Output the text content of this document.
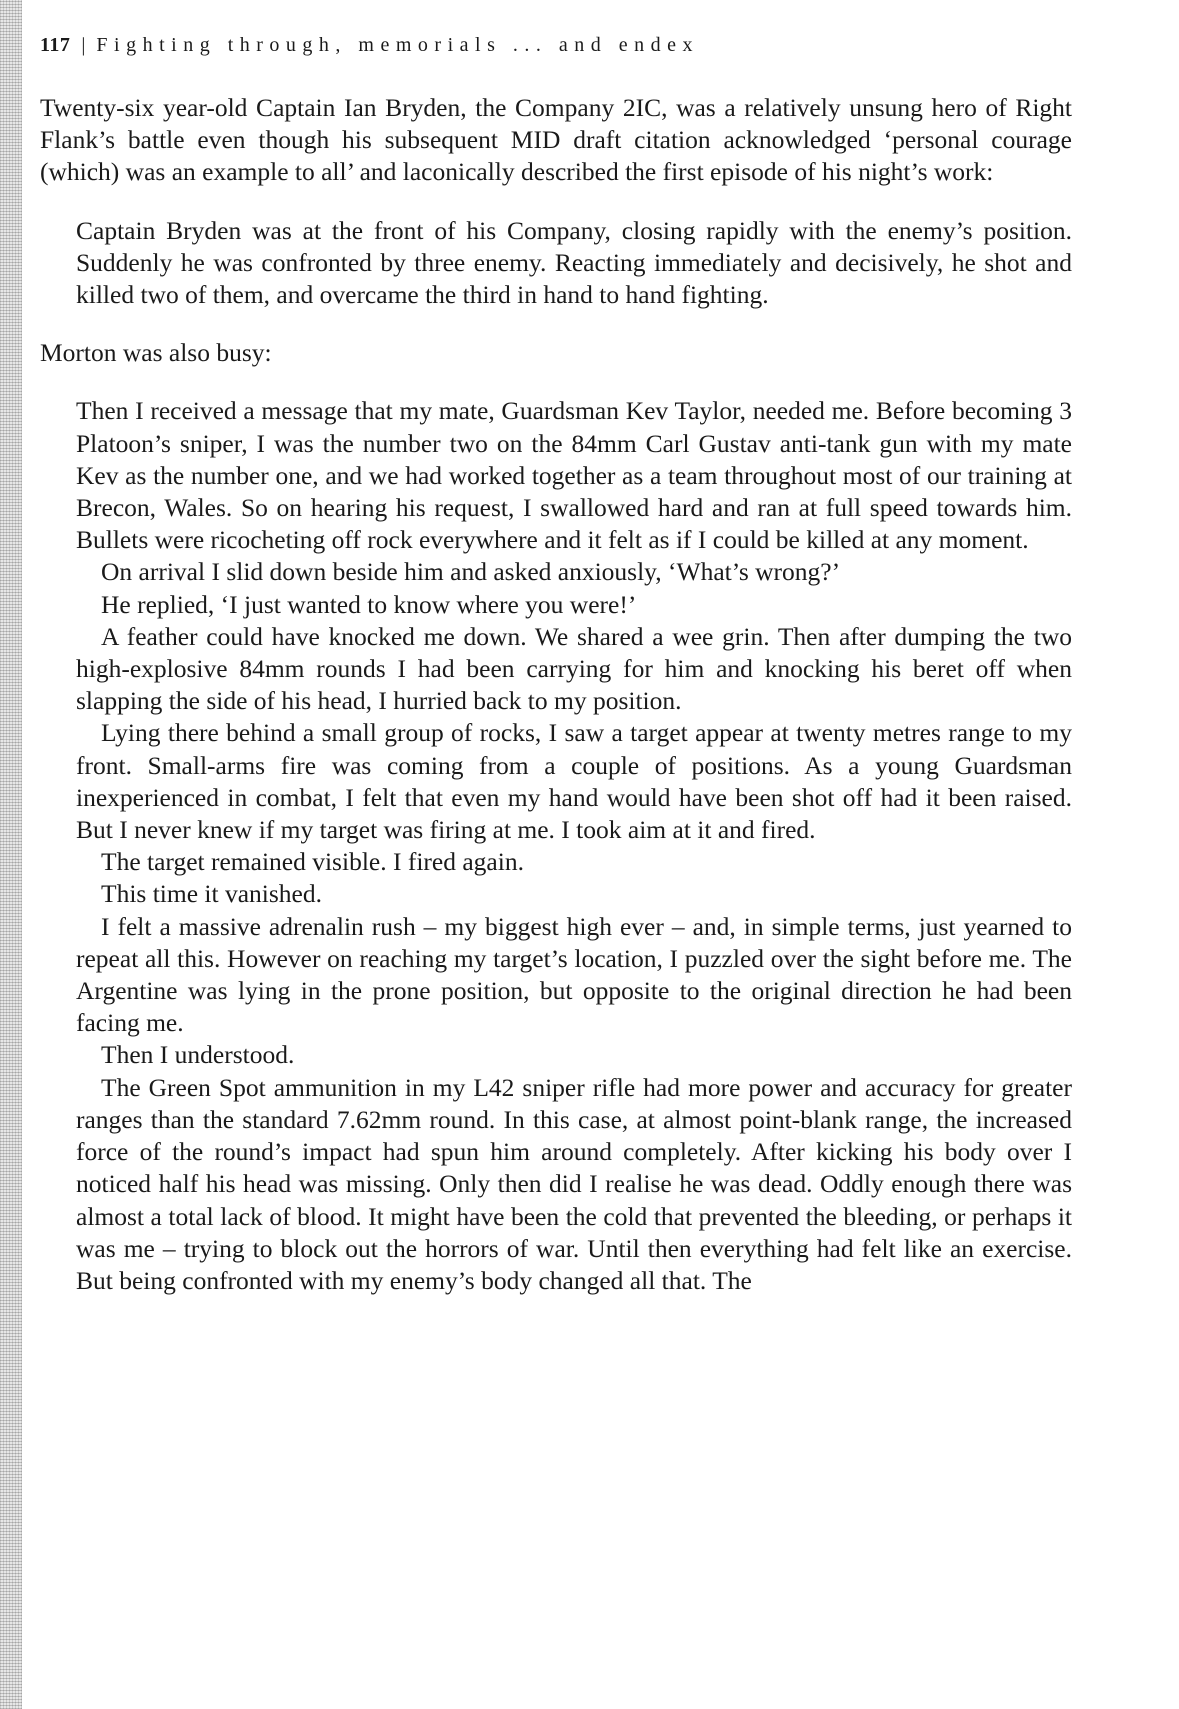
117 | Fighting through, memorials ... and endex

Twenty-six year-old Captain Ian Bryden, the Company 2IC, was a relatively unsung hero of Right Flank’s battle even though his subsequent MID draft citation acknowledged ‘personal courage (which) was an example to all’ and laconically described the first episode of his night’s work:

Captain Bryden was at the front of his Company, closing rapidly with the enemy’s position. Suddenly he was confronted by three enemy. Reacting immediately and decisively, he shot and killed two of them, and overcame the third in hand to hand fighting.

Morton was also busy:

Then I received a message that my mate, Guardsman Kev Taylor, needed me. Before becoming 3 Platoon’s sniper, I was the number two on the 84mm Carl Gustav anti-tank gun with my mate Kev as the number one, and we had worked together as a team throughout most of our training at Brecon, Wales. So on hearing his request, I swallowed hard and ran at full speed towards him. Bullets were ricocheting off rock everywhere and it felt as if I could be killed at any moment.

On arrival I slid down beside him and asked anxiously, ‘What’s wrong?’

He replied, ‘I just wanted to know where you were!’

A feather could have knocked me down. We shared a wee grin. Then after dumping the two high-explosive 84mm rounds I had been carrying for him and knocking his beret off when slapping the side of his head, I hurried back to my position.

Lying there behind a small group of rocks, I saw a target appear at twenty metres range to my front. Small-arms fire was coming from a couple of positions. As a young Guardsman inexperienced in combat, I felt that even my hand would have been shot off had it been raised. But I never knew if my target was firing at me. I took aim at it and fired.

The target remained visible. I fired again.

This time it vanished.

I felt a massive adrenalin rush – my biggest high ever – and, in simple terms, just yearned to repeat all this. However on reaching my target’s location, I puzzled over the sight before me. The Argentine was lying in the prone position, but opposite to the original direction he had been facing me.

Then I understood.

The Green Spot ammunition in my L42 sniper rifle had more power and accuracy for greater ranges than the standard 7.62mm round. In this case, at almost point-blank range, the increased force of the round’s impact had spun him around completely. After kicking his body over I noticed half his head was missing. Only then did I realise he was dead. Oddly enough there was almost a total lack of blood. It might have been the cold that prevented the bleeding, or perhaps it was me – trying to block out the horrors of war. Until then everything had felt like an exercise. But being confronted with my enemy’s body changed all that. The
